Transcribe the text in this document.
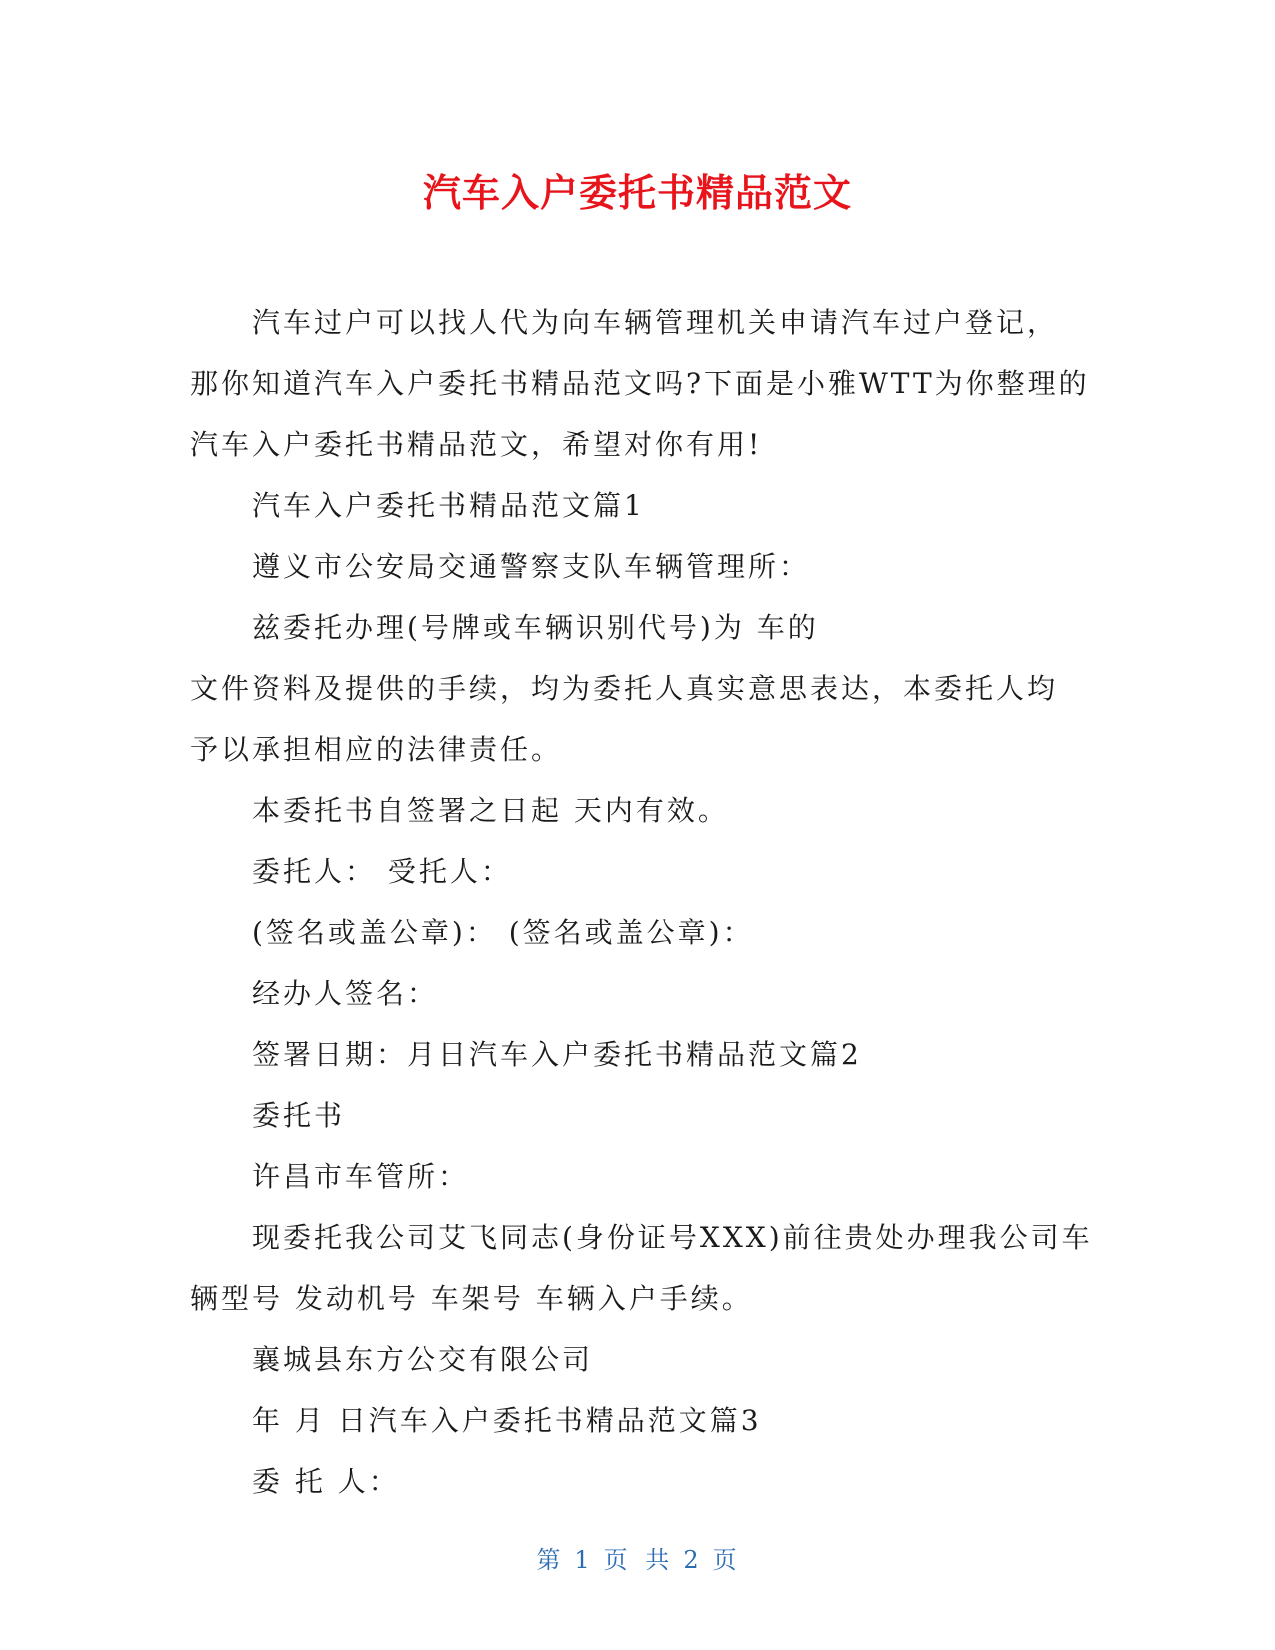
汽车入户委托书精品范文

汽车过户可以找人代为向车辆管理机关申请汽车过户登记，

那你知道汽车入户委托书精品范文吗?下面是小雅WTT为你整理的

汽车入户委托书精品范文，希望对你有用!

汽车入户委托书精品范文篇1

遵义市公安局交通警察支队车辆管理所：

兹委托办理(号牌或车辆识别代号)为 车的

文件资料及提供的手续，均为委托人真实意思表达，本委托人均

予以承担相应的法律责任。

本委托书自签署之日起 天内有效。

委托人： 受托人：

(签名或盖公章)： (签名或盖公章)：

经办人签名：

签署日期：月日汽车入户委托书精品范文篇2

委托书

许昌市车管所：

现委托我公司艾飞同志(身份证号XXX)前往贵处办理我公司车

辆型号 发动机号 车架号 车辆入户手续。

襄城县东方公交有限公司

年 月 日汽车入户委托书精品范文篇3

委 托 人：

第 1 页 共 2 页
